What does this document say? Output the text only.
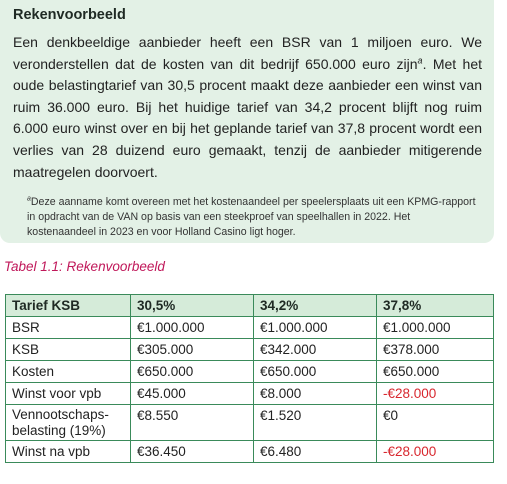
Rekenvoorbeeld

Een denkbeeldige aanbieder heeft een BSR van 1 miljoen euro. We veronderstellen dat de kosten van dit bedrijf 650.000 euro zijn$^a$. Met het oude belastingtarief van 30,5 procent maakt deze aanbieder een winst van ruim 36.000 euro. Bij het huidige tarief van 34,2 procent blijft nog ruim 6.000 euro winst over en bij het geplande tarief van 37,8 procent wordt een verlies van 28 duizend euro gemaakt, tenzij de aanbieder mitigerende maatregelen doorvoert.

$^a$Deze aanname komt overeen met het kostenaandeel per speelersplaats uit een KPMG-rapport in opdracht van de VAN op basis van een steekproef van speelhallen in 2022. Het kostenaandeel in 2023 en voor Holland Casino ligt hoger.

Tabel 1.1: Rekenvoorbeeld
Tarief KSB	30,5%	34,2%	37,8%
BSR	€1.000.000	€1.000.000	€1.000.000
KSB	€305.000	€342.000	€378.000
Kosten	€650.000	€650.000	€650.000
Winst voor vpb	€45.000	€8.000	-€28.000
Vennootschaps-
belasting (19%)	€8.550	€1.520	€0
Winst na vpb	€36.450	€6.480	-€28.000
